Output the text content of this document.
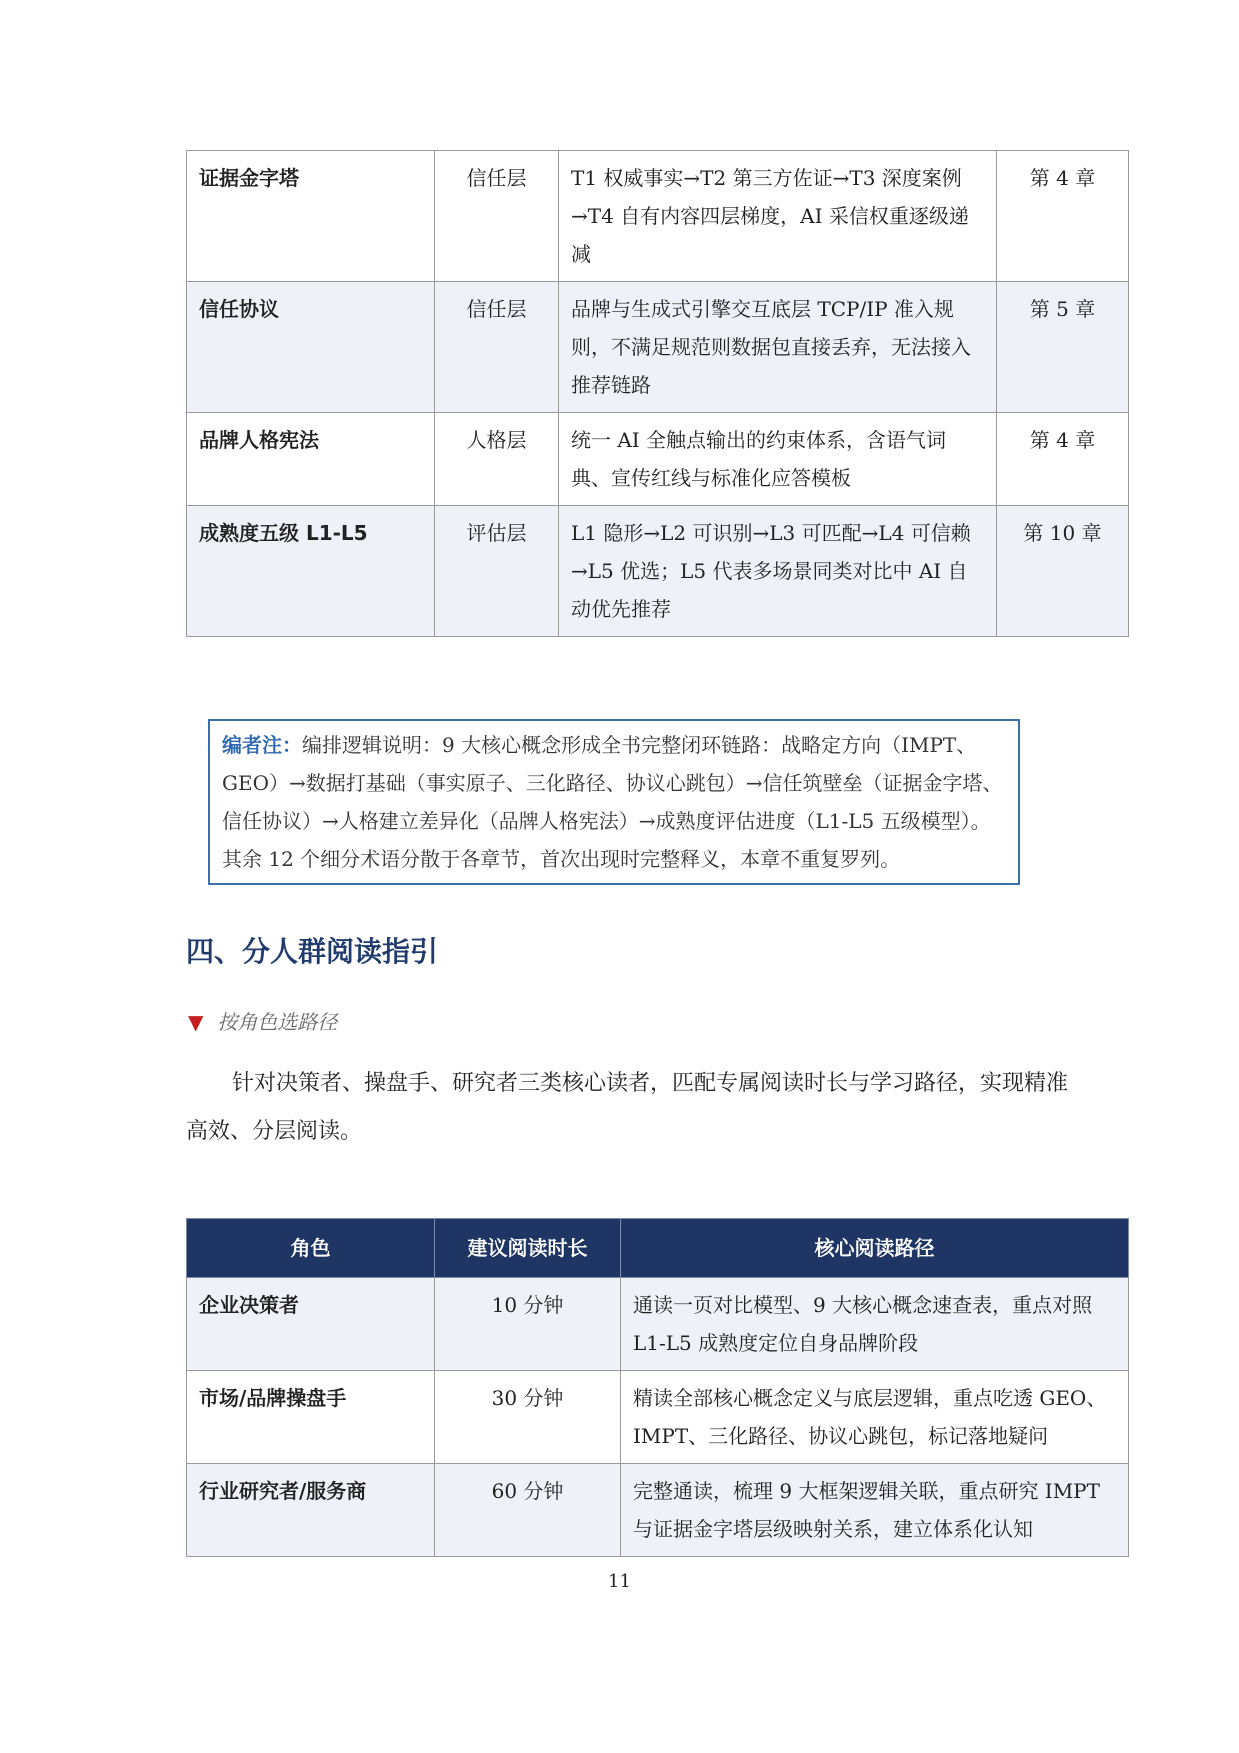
证据金字塔	信任层	T1 权威事实→T2 第三方佐证→T3 深度案例→T4 自有内容四层梯度，AI 采信权重逐级递减	第 4 章
信任协议	信任层	品牌与生成式引擎交互底层 TCP/IP 准入规则，不满足规范则数据包直接丢弃，无法接入推荐链路	第 5 章
品牌人格宪法	人格层	统一 AI 全触点输出的约束体系，含语气词典、宣传红线与标准化应答模板	第 4 章
成熟度五级 L1-L5	评估层	L1 隐形→L2 可识别→L3 可匹配→L4 可信赖→L5 优选；L5 代表多场景同类对比中 AI 自动优先推荐	第 10 章
编者注：编排逻辑说明：9 大核心概念形成全书完整闭环链路：战略定方向（IMPT、GEO）→数据打基础（事实原子、三化路径、协议心跳包）→信任筑壁垒（证据金字塔、信任协议）→人格建立差异化（品牌人格宪法）→成熟度评估进度（L1-L5 五级模型）。其余 12 个细分术语分散于各章节，首次出现时完整释义，本章不重复罗列。
四、分人群阅读指引
▼ 按角色选路径

针对决策者、操盘手、研究者三类核心读者，匹配专属阅读时长与学习路径，实现精准高效、分层阅读。

角色	建议阅读时长	核心阅读路径
企业决策者	10 分钟	通读一页对比模型、9 大核心概念速查表，重点对照 L1-L5 成熟度定位自身品牌阶段
市场/品牌操盘手	30 分钟	精读全部核心概念定义与底层逻辑，重点吃透 GEO、IMPT、三化路径、协议心跳包，标记落地疑问
行业研究者/服务商	60 分钟	完整通读，梳理 9 大框架逻辑关联，重点研究 IMPT 与证据金字塔层级映射关系，建立体系化认知
11
